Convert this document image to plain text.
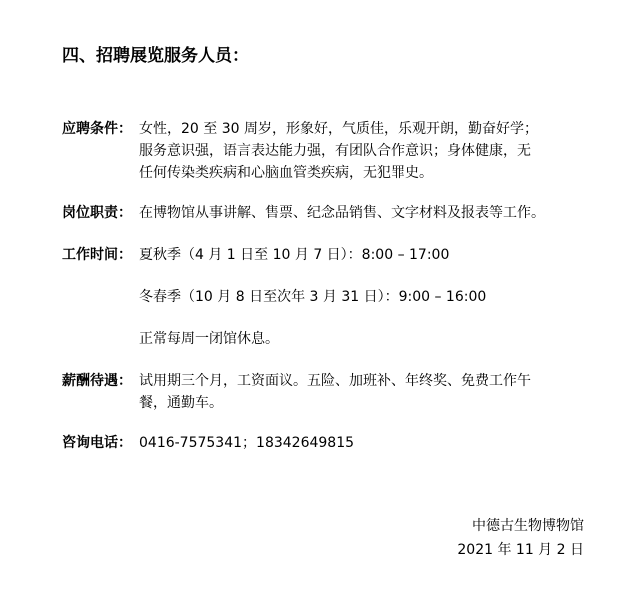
四、招聘展览服务人员：
应聘条件： 女性，20 至 30 周岁，形象好，气质佳，乐观开朗，勤奋好学；
服务意识强，语言表达能力强，有团队合作意识；身体健康，无
任何传染类疾病和心脑血管类疾病，无犯罪史。
岗位职责： 在博物馆从事讲解、售票、纪念品销售、文字材料及报表等工作。
工作时间： 夏秋季（4 月 1 日至 10 月 7 日）：8:00 – 17:00
冬春季（10 月 8 日至次年 3 月 31 日）：9:00 – 16:00
正常每周一闭馆休息。
薪酬待遇： 试用期三个月，工资面议。五险、加班补、年终奖、免费工作午
餐，通勤车。
咨询电话： 0416-7575341；18342649815
中德古生物博物馆
2021 年 11 月 2 日
